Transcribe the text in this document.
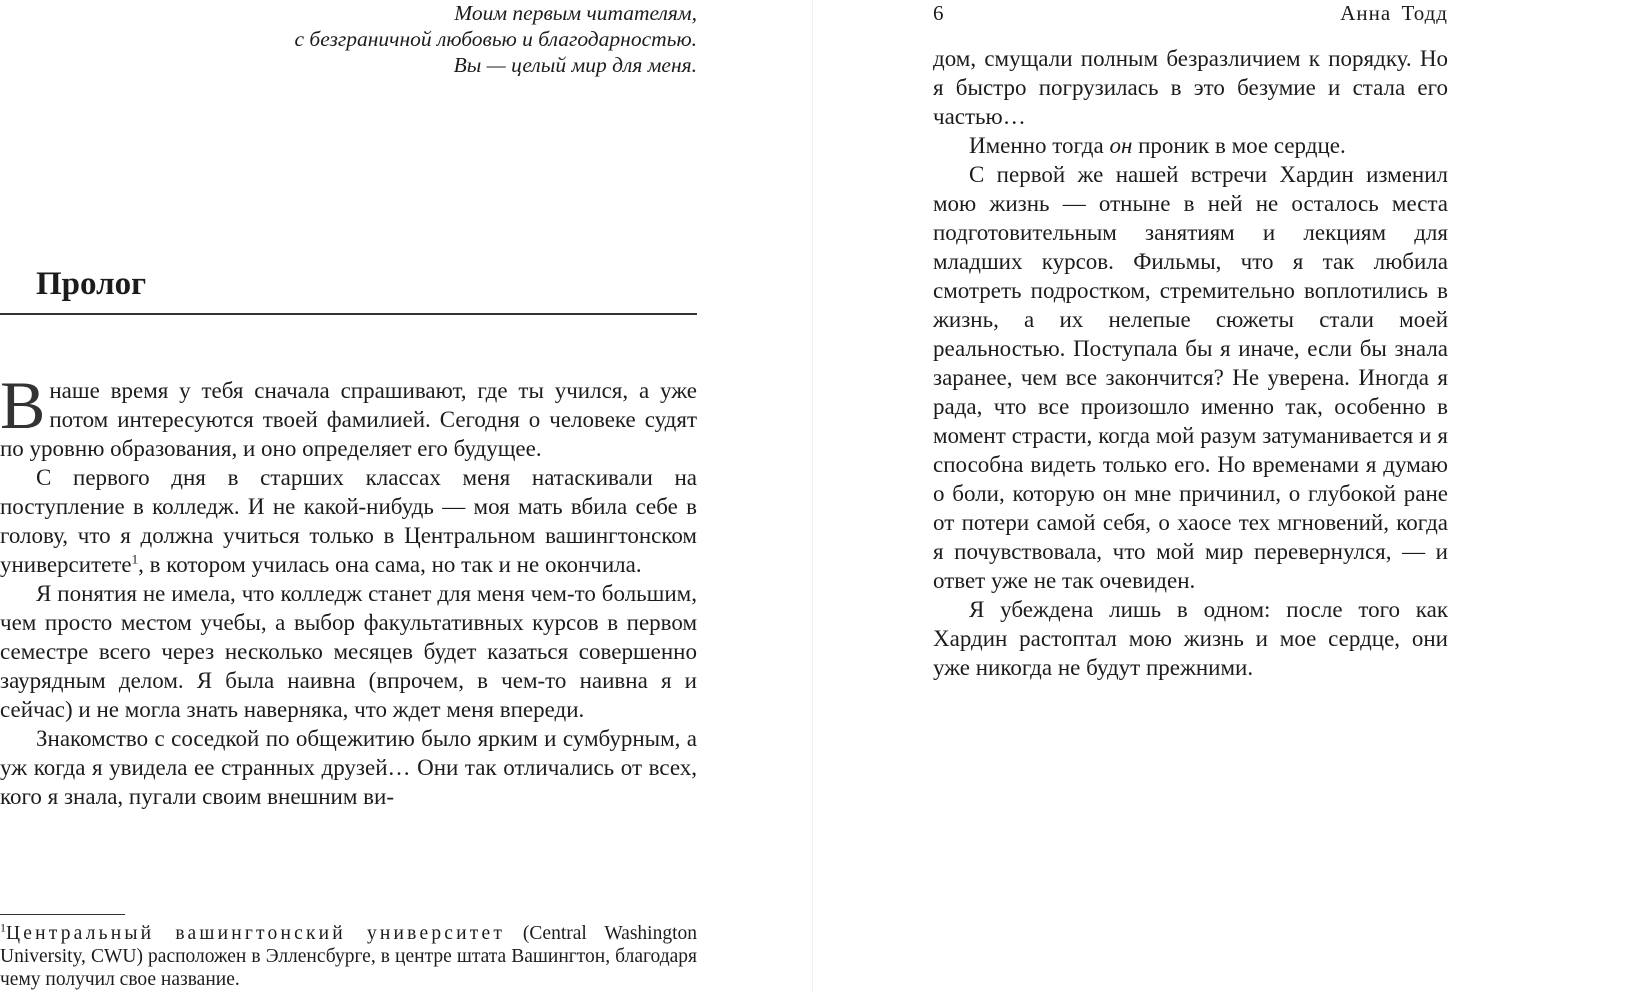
Моим первым читателям,
с безграничной любовью и благодарностью.
Вы — целый мир для меня.
Пролог

Внаше время у тебя сначала спрашивают, где ты учился, а уже потом интересуются твоей фамилией. Сегодня о человеке судят по уровню образования, и оно определяет его будущее.

С первого дня в старших классах меня натаскивали на поступление в колледж. И не какой-нибудь — моя мать вбила себе в голову, что я должна учиться только в Центральном вашингтонском университете$^1$, в котором училась она сама, но так и не окончила.

Я понятия не имела, что колледж станет для меня чем-то большим, чем просто местом учебы, а выбор факультативных курсов в первом семестре всего через несколько месяцев будет казаться совершенно заурядным делом. Я была наивна (впрочем, в чем-то наивна я и сейчас) и не могла знать наверняка, что ждет меня впереди.

Знакомство с соседкой по общежитию было ярким и сумбурным, а уж когда я увидела ее странных друзей… Они так отличались от всех, кого я знала, пугали своим внешним ви-

$^1$Центральный вашингтонский университет (Central Washington University, CWU) расположен в Элленсбурге, в центре штата Вашингтон, благодаря чему получил свое название.
6	Анна Тодд

дом, смущали полным безразличием к порядку. Но я быстро погрузилась в это безумие и стала его частью…

Именно тогда он проник в мое сердце.

С первой же нашей встречи Хардин изменил мою жизнь — отныне в ней не осталось места подготовительным занятиям и лекциям для младших курсов. Фильмы, что я так любила смотреть подростком, стремительно воплотились в жизнь, а их нелепые сюжеты стали моей реальностью. Поступала бы я иначе, если бы знала заранее, чем все закончится? Не уверена. Иногда я рада, что все произошло именно так, особенно в момент страсти, когда мой разум затуманивается и я способна видеть только его. Но временами я думаю о боли, которую он мне причинил, о глубокой ране от потери самой себя, о хаосе тех мгновений, когда я почувствовала, что мой мир перевернулся, — и ответ уже не так очевиден.

Я убеждена лишь в одном: после того как Хардин растоптал мою жизнь и мое сердце, они уже никогда не будут прежними.
